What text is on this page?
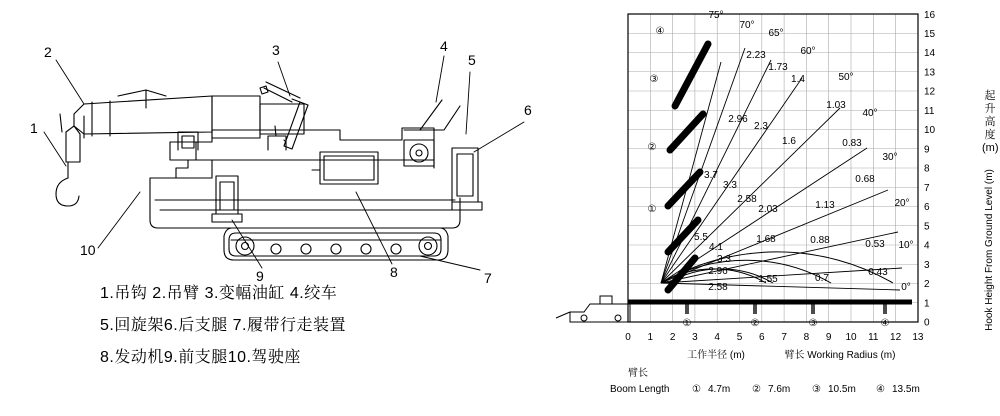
1
2	3	4
5
6
7
8
9
10
1.吊钩 2.吊臂 3.变幅油缸 4.绞车
5.回旋架6.后支腿 7.履带行走装置
8.发动机9.前支腿10.驾驶座
0 1 2 3 4 5 6 7 8 9 10 11 12 13
0
1
2
3
4
5
6
7
8
9
10
11
12
13
14
15
16
75°
70°
65°
60°
50°
40°
30°
20°
10°
0°
2.23
1.73
1.4
1.03
2.96
2.3
1.6	0.83
3.7
3.3
2.58
2.03	1.13
0.68
5.5
4.1
3.3
1.68	0.88	0.53
2.96
2.58
1.55	0.7
0.43
①
②
③
④
①	②	③	④
工作半径 (m)	臂长 Working Radius (m)
臂长
Boom Length ① 4.7m ② 7.6m ③ 10.5m ④ 13.5m
Hook Height From Ground Level (m)
起
升
高
度
(m)
